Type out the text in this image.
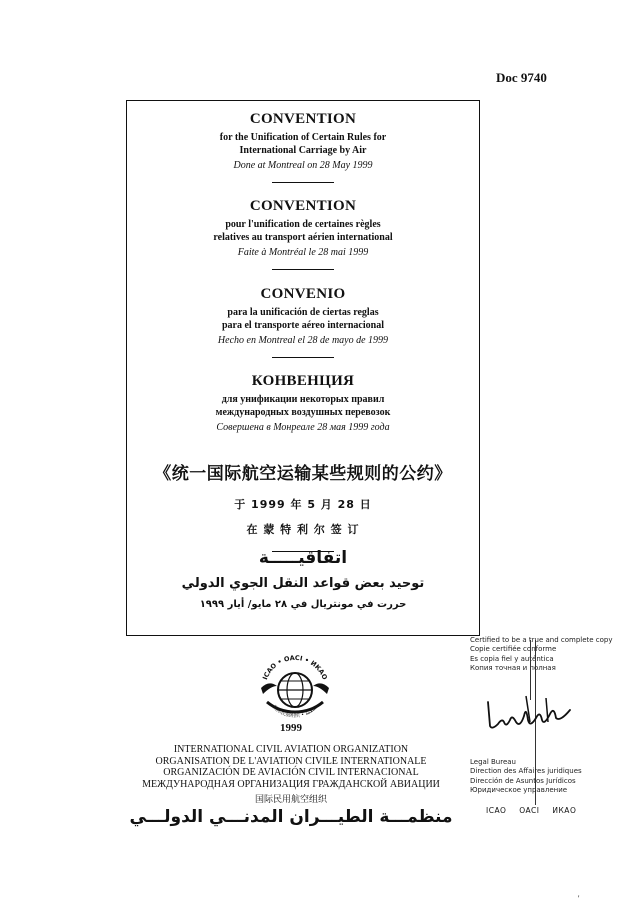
Doc 9740
CONVENTION
for the Unification of Certain Rules for
International Carriage by Air
Done at Montreal on 28 May 1999
CONVENTION
pour l'unification de certaines règles
relatives au transport aérien international
Faite à Montréal le 28 mai 1999
CONVENIO
para la unificación de ciertas reglas
para el transporte aéreo internacional
Hecho en Montreal el 28 de mayo de 1999
КОНВЕНЦИЯ
для унификации некоторых правил
международных воздушных перевозок
Совершена в Монреале 28 мая 1999 года
《统一国际航空运输某些规则的公约》
于 1999 年 5 月 28 日
在 蒙 特 利 尔 签 订
اتفاقيـــــة
توحيد بعض قواعد النقل الجوي الدولي
حررت في مونتريال في ٢٨ مايو/ أيار ١٩٩٩
ICAO • OACI • ИКАО
国际民航组织 • منظمة
1999
INTERNATIONAL CIVIL AVIATION ORGANIZATION
ORGANISATION DE L'AVIATION CIVILE INTERNATIONALE
ORGANIZACIÓN DE AVIACIÓN CIVIL INTERNACIONAL
МЕЖДУНАРОДНАЯ ОРГАНИЗАЦИЯ ГРАЖДАНСКОЙ АВИАЦИИ
国际民用航空组织
منظمـــة الطيـــران المدنـــي الدولـــي
Certified to be a true and complete copy
Copie certifiée conforme
Es copia fiel y auténtica
Копия точная и полная
Legal Bureau
Direction des Affaires juridiques
Dirección de Asuntos Jurídicos
Юридическое управление
ICAO OACI ИКАО
'
